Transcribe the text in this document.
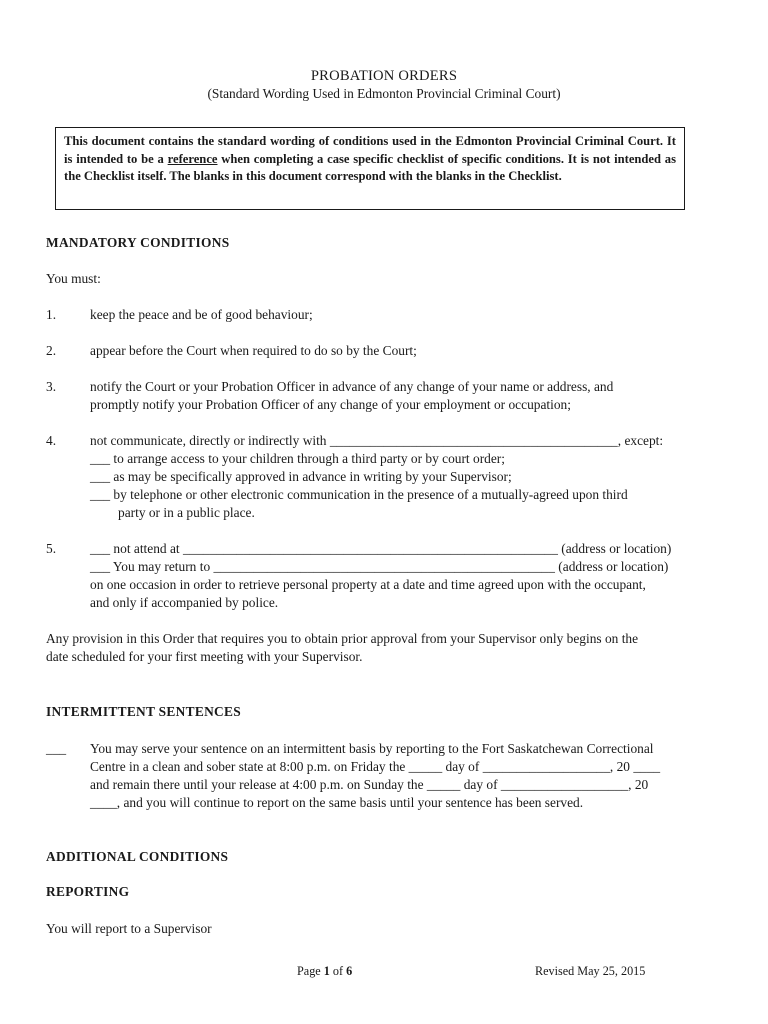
PROBATION ORDERS
(Standard Wording Used in Edmonton Provincial Criminal Court)

This document contains the standard wording of conditions used in the Edmonton Provincial Criminal Court. It is intended to be a reference when completing a case specific checklist of specific conditions. It is not intended as the Checklist itself. The blanks in this document correspond with the blanks in the Checklist.

MANDATORY CONDITIONS
You must:
1.	keep the peace and be of good behaviour;
2.	appear before the Court when required to do so by the Court;
3.	notify the Court or your Probation Officer in advance of any change of your name or address, and
promptly notify your Probation Officer of any change of your employment or occupation;
4.	not communicate, directly or indirectly with ___________________________________________, except:
___ to arrange access to your children through a third party or by court order;
___ as may be specifically approved in advance in writing by your Supervisor;
___ by telephone or other electronic communication in the presence of a mutually-agreed upon third
party or in a public place.
5.	___ not attend at ________________________________________________________ (address or location)
___ You may return to ___________________________________________________ (address or location)
on one occasion in order to retrieve personal property at a date and time agreed upon with the occupant,
and only if accompanied by police.
Any provision in this Order that requires you to obtain prior approval from your Supervisor only begins on the
date scheduled for your first meeting with your Supervisor.
INTERMITTENT SENTENCES
___ You may serve your sentence on an intermittent basis by reporting to the Fort Saskatchewan Correctional
Centre in a clean and sober state at 8:00 p.m. on Friday the _____ day of ___________________, 20 ____
and remain there until your release at 4:00 p.m. on Sunday the _____ day of ___________________, 20
____, and you will continue to report on the same basis until your sentence has been served.
ADDITIONAL CONDITIONS
REPORTING
You will report to a Supervisor
Page 1 of 6	Revised May 25, 2015
